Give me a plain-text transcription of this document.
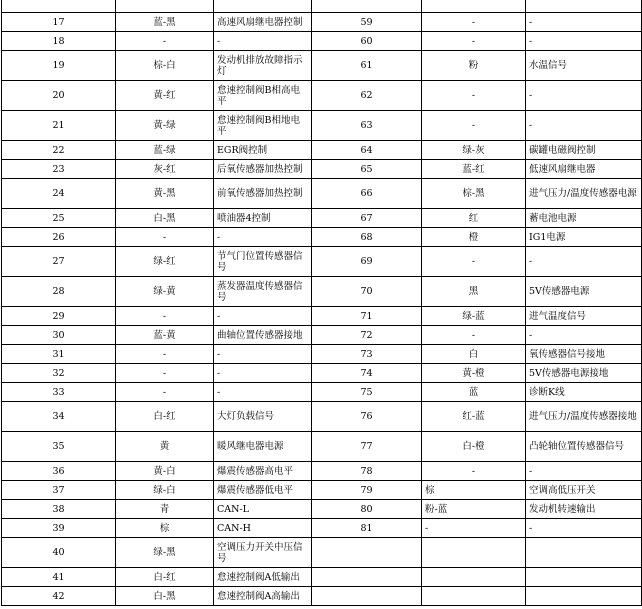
17	蓝-黑	高速风扇继电器控制	59	-	-
18	-	-	60	-	-
19	棕-白	发动机排放故障指示灯	61	粉	水温信号
20	黄-红	怠速控制阀B相高电平	62	-	-
21	黄-绿	怠速控制阀B相地电平	63	-	-
22	蓝-绿	EGR阀控制	64	绿-灰	碳罐电磁阀控制
23	灰-红	后氧传感器加热控制	65	蓝-红	低速风扇继电器
24	黄-黑	前氧传感器加热控制	66	棕-黑	进气压力/温度传感器电源
25	白-黑	喷油器4控制	67	红	蓄电池电源
26	-	-	68	橙	IG1电源
27	绿-红	节气门位置传感器信号	69	-	-
28	绿-黄	蒸发器温度传感器信号	70	黑	5V传感器电源
29	-	-	71	绿-蓝	进气温度信号
30	蓝-黄	曲轴位置传感器接地	72	-	-
31	-	-	73	白	氧传感器信号接地
32	-	-	74	黄-橙	5V传感器电源接地
33	-	-	75	蓝	诊断K线
34	白-红	大灯负载信号	76	红-蓝	进气压力/温度传感器接地
35	黄	暖风继电器电源	77	白-橙	凸轮轴位置传感器信号
36	黄-白	爆震传感器高电平	78	-	-
37	绿-白	爆震传感器低电平	79	棕	空调高低压开关
38	青	CAN-L	80	粉-蓝	发动机转速输出
39	棕	CAN-H	81	-	-
40	绿-黑	空调压力开关中压信号			
41	白-红	怠速控制阀A低输出			
42	白-黑	怠速控制阀A高输出			
